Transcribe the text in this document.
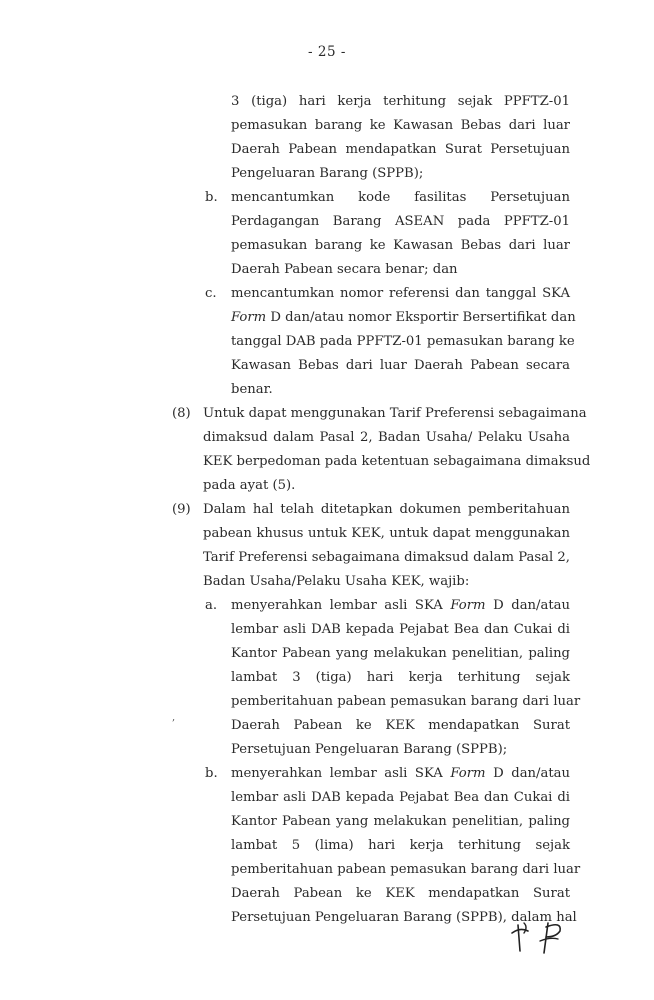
- 25 -
3 (tiga) hari kerja terhitung sejak PPFTZ-01
pemasukan barang ke Kawasan Bebas dari luar
Daerah Pabean mendapatkan Surat Persetujuan
Pengeluaran Barang (SPPB);
b. mencantumkan kode fasilitas Persetujuan
Perdagangan Barang ASEAN pada PPFTZ-01
pemasukan barang ke Kawasan Bebas dari luar
Daerah Pabean secara benar; dan
c. mencantumkan nomor referensi dan tanggal SKA
Form D dan/atau nomor Eksportir Bersertifikat dan
tanggal DAB pada PPFTZ-01 pemasukan barang ke
Kawasan Bebas dari luar Daerah Pabean secara
benar.
(8) Untuk dapat menggunakan Tarif Preferensi sebagaimana
dimaksud dalam Pasal 2, Badan Usaha/ Pelaku Usaha
KEK berpedoman pada ketentuan sebagaimana dimaksud
pada ayat (5).
(9) Dalam hal telah ditetapkan dokumen pemberitahuan
pabean khusus untuk KEK, untuk dapat menggunakan
Tarif Preferensi sebagaimana dimaksud dalam Pasal 2,
Badan Usaha/Pelaku Usaha KEK, wajib:
a. menyerahkan lembar asli SKA Form D dan/atau
lembar asli DAB kepada Pejabat Bea dan Cukai di
Kantor Pabean yang melakukan penelitian, paling
lambat 3 (tiga) hari kerja terhitung sejak
pemberitahuan pabean pemasukan barang dari luar
Daerah Pabean ke KEK mendapatkan Surat
Persetujuan Pengeluaran Barang (SPPB);
b. menyerahkan lembar asli SKA Form D dan/atau
lembar asli DAB kepada Pejabat Bea dan Cukai di
Kantor Pabean yang melakukan penelitian, paling
lambat 5 (lima) hari kerja terhitung sejak
pemberitahuan pabean pemasukan barang dari luar
Daerah Pabean ke KEK mendapatkan Surat
Persetujuan Pengeluaran Barang (SPPB), dalam hal
,
